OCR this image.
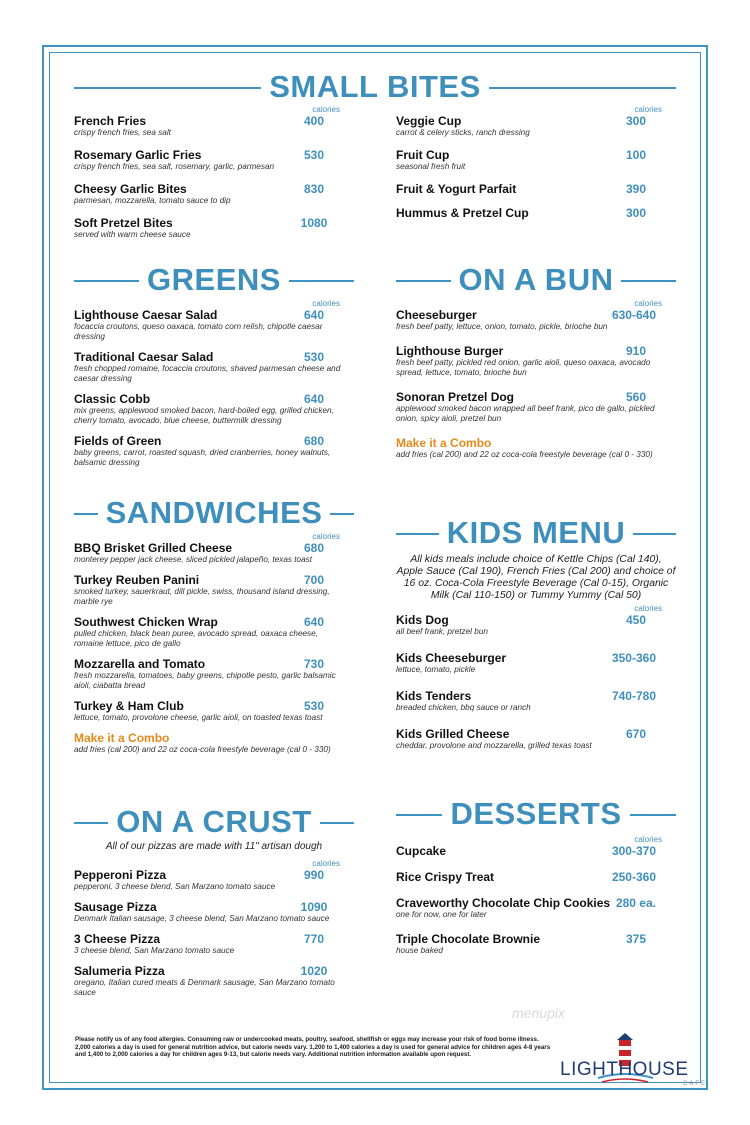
SMALL BITES
calories
French Fries	400
crispy french fries, sea salt
Rosemary Garlic Fries	530
crispy french fries, sea salt, rosemary, garlic, parmesan
Cheesy Garlic Bites	830
parmesan, mozzarella, tomato sauce to dip
Soft Pretzel Bites	1080
served with warm cheese sauce
calories
Veggie Cup	300
carrot & celery sticks, ranch dressing
Fruit Cup	100
seasonal fresh fruit
Fruit & Yogurt Parfait	390
Hummus & Pretzel Cup	300
GREENS
calories
Lighthouse Caesar Salad	640
focaccia croutons, queso oaxaca, tomato corn relish, chipotle caesar dressing
Traditional Caesar Salad	530
fresh chopped romaine, focaccia croutons, shaved parmesan cheese and caesar dressing
Classic Cobb	640
mix greens, applewood smoked bacon, hard-boiled egg, grilled chicken, cherry tomato, avocado, blue cheese, buttermilk dressing
Fields of Green	680
baby greens, carrot, roasted squash, dried cranberries, honey walnuts, balsamic dressing
ON A BUN
calories
Cheeseburger	630-640
fresh beef patty, lettuce, onion, tomato, pickle, brioche bun
Lighthouse Burger	910
fresh beef patty, pickled red onion, garlic aioli, queso oaxaca, avocado spread, lettuce, tomato, brioche bun
Sonoran Pretzel Dog	560
applewood smoked bacon wrapped all beef frank, pico de gallo, pickled onion, spicy aioli, pretzel bun
Make it a Combo
add fries (cal 200) and 22 oz coca-cola freestyle beverage (cal 0 - 330)
SANDWICHES
calories
BBQ Brisket Grilled Cheese	680
monterey pepper jack cheese, sliced pickled jalapeño, texas toast
Turkey Reuben Panini	700
smoked turkey, sauerkraut, dill pickle, swiss, thousand island dressing, marble rye
Southwest Chicken Wrap	640
pulled chicken, black bean puree, avocado spread, oaxaca cheese, romaine lettuce, pico de gallo
Mozzarella and Tomato	730
fresh mozzarella, tomatoes, baby greens, chipotle pesto, garlic balsamic aioli, ciabatta bread
Turkey & Ham Club	530
lettuce, tomato, provolone cheese, garlic aioli, on toasted texas toast
Make it a Combo
add fries (cal 200) and 22 oz coca-cola freestyle beverage (cal 0 - 330)
KIDS MENU
All kids meals include choice of Kettle Chips (Cal 140), Apple Sauce (Cal 190), French Fries (Cal 200) and choice of 16 oz. Coca-Cola Freestyle Beverage (Cal 0-15), Organic Milk (Cal 110-150) or Tummy Yummy (Cal 50)
calories
Kids Dog	450
all beef frank, pretzel bun
Kids Cheeseburger	350-360
lettuce, tomato, pickle
Kids Tenders	740-780
breaded chicken, bbq sauce or ranch
Kids Grilled Cheese	670
cheddar, provolone and mozzarella, grilled texas toast
ON A CRUST
All of our pizzas are made with 11" artisan dough
calories
Pepperoni Pizza	990
pepperoni, 3 cheese blend, San Marzano tomato sauce
Sausage Pizza	1090
Denmark Italian sausage, 3 cheese blend, San Marzano tomato sauce
3 Cheese Pizza	770
3 cheese blend, San Marzano tomato sauce
Salumeria Pizza	1020
oregano, Italian cured meats & Denmark sausage, San Marzano tomato sauce
DESSERTS
calories
Cupcake	300-370
Rice Crispy Treat	250-360
Craveworthy Chocolate Chip Cookies 280 ea.
one for now, one for later
Triple Chocolate Brownie	375
house baked
Please notify us of any food allergies. Consuming raw or undercooked meats, poultry, seafood, shellfish or eggs may increase your risk of food borne illness. 2,000 calories a day is used for general nutrition advice, but calorie needs vary. 1,200 to 1,400 calories a day is used for general advice for children ages 4-8 years and 1,400 to 2,000 calories a day for children ages 9-13, but calorie needs vary. Additional nutrition information available upon request.
menupix
LIGHTHOUSE
CAFE
